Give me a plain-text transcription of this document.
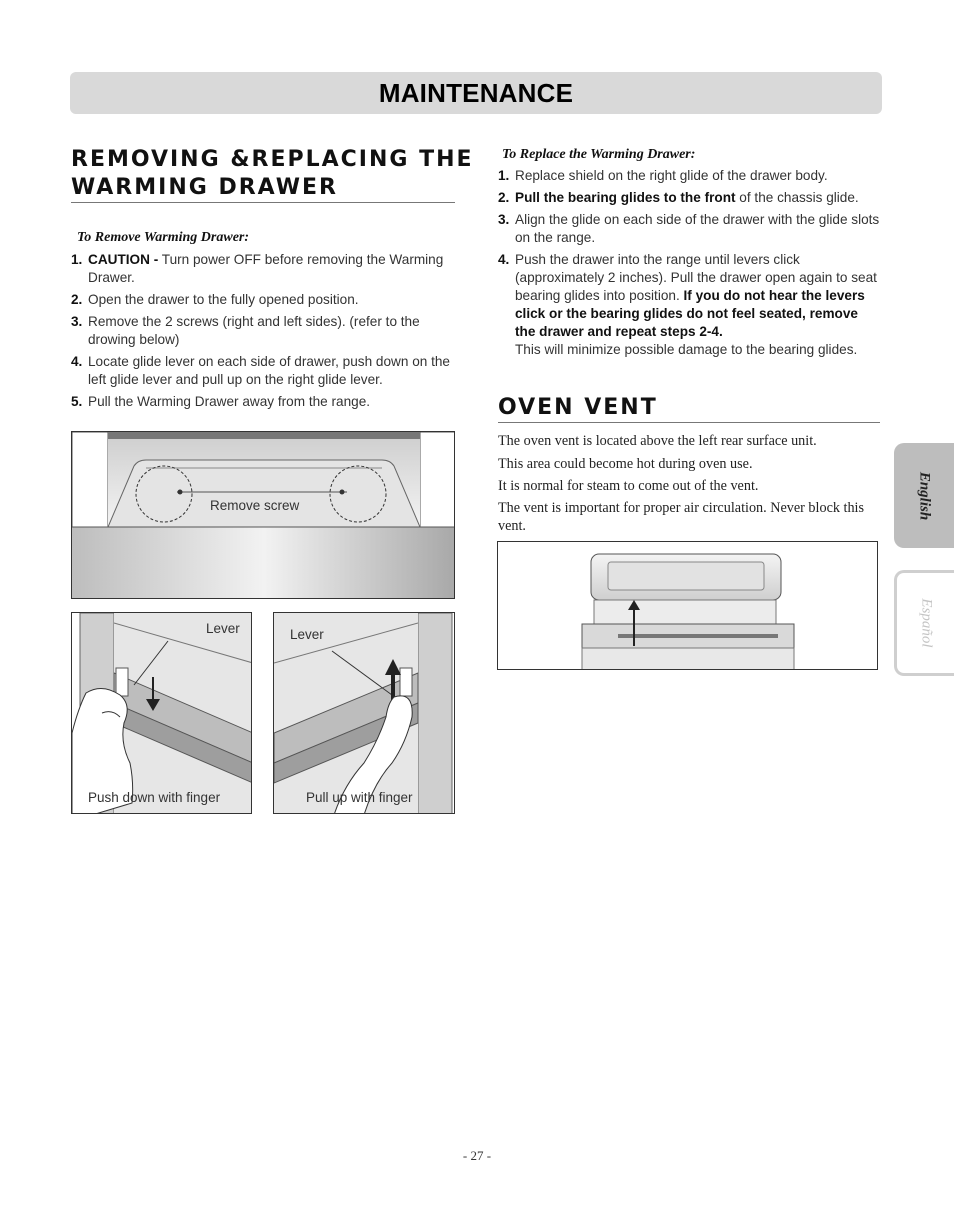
MAINTENANCE
REMOVING &REPLACING THE
WARMING DRAWER
To Remove Warming Drawer:
1. CAUTION - Turn power OFF before removing the Warming Drawer.
2. Open the drawer to the fully opened position.
3. Remove the 2 screws (right and left sides). (refer to the drowing below)
4. Locate glide lever on each side of drawer, push down on the left glide lever and pull up on the right glide lever.
5. Pull the Warming Drawer away from the range.
Remove screw
Lever
Push down with finger
Lever
Pull up with finger
To Replace the Warming Drawer:
1. Replace shield on the right glide of the drawer body.
2. Pull the bearing glides to the front of the chassis glide.
3. Align the glide on each side of the drawer with the glide slots on the range.
4. Push the drawer into the range until levers click (approximately 2 inches). Pull the drawer open again to seat bearing glides into position. If you do not hear the levers click or the bearing glides do not feel seated, remove the drawer and repeat steps 2-4.
This will minimize possible damage to the bearing glides.
OVEN VENT
The oven vent is located above the left rear surface unit.
This area could become hot during oven use.
It is normal for steam to come out of the vent.
The vent is important for proper air circulation. Never block this vent.
English
Español
- 27 -
